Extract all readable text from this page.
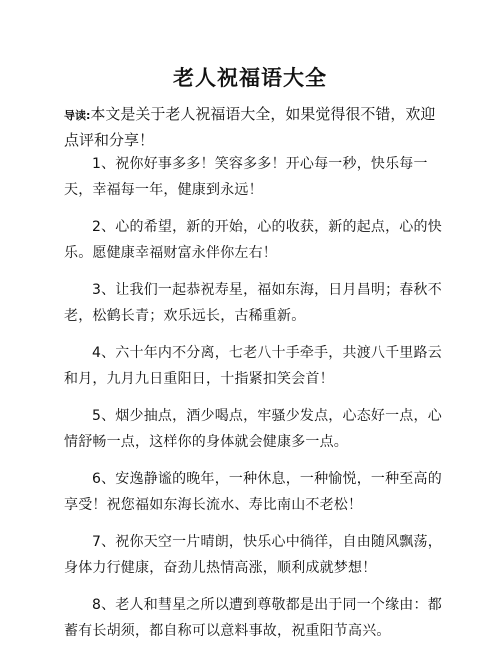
老人祝福语大全
导读:本文是关于老人祝福语大全，如果觉得很不错，欢迎点评和分享！
1、祝你好事多多！笑容多多！开心每一秒，快乐每一天，幸福每一年，健康到永远！
2、心的希望，新的开始，心的收获，新的起点，心的快乐。愿健康幸福财富永伴你左右！
3、让我们一起恭祝寿星，福如东海，日月昌明；春秋不老，松鹤长青；欢乐远长，古稀重新。
4、六十年内不分离，七老八十手牵手，共渡八千里路云和月，九月九日重阳日，十指紧扣笑会首！
5、烟少抽点，酒少喝点，牢骚少发点，心态好一点，心情舒畅一点，这样你的身体就会健康多一点。
6、安逸静谧的晚年，一种休息，一种愉悦，一种至高的享受！祝您福如东海长流水、寿比南山不老松！
7、祝你天空一片晴朗，快乐心中徜徉，自由随风飘荡，身体力行健康，奋劲儿热情高涨，顺利成就梦想！
8、老人和彗星之所以遭到尊敬都是出于同一个缘由：都蓄有长胡须，都自称可以意料事故，祝重阳节高兴。
